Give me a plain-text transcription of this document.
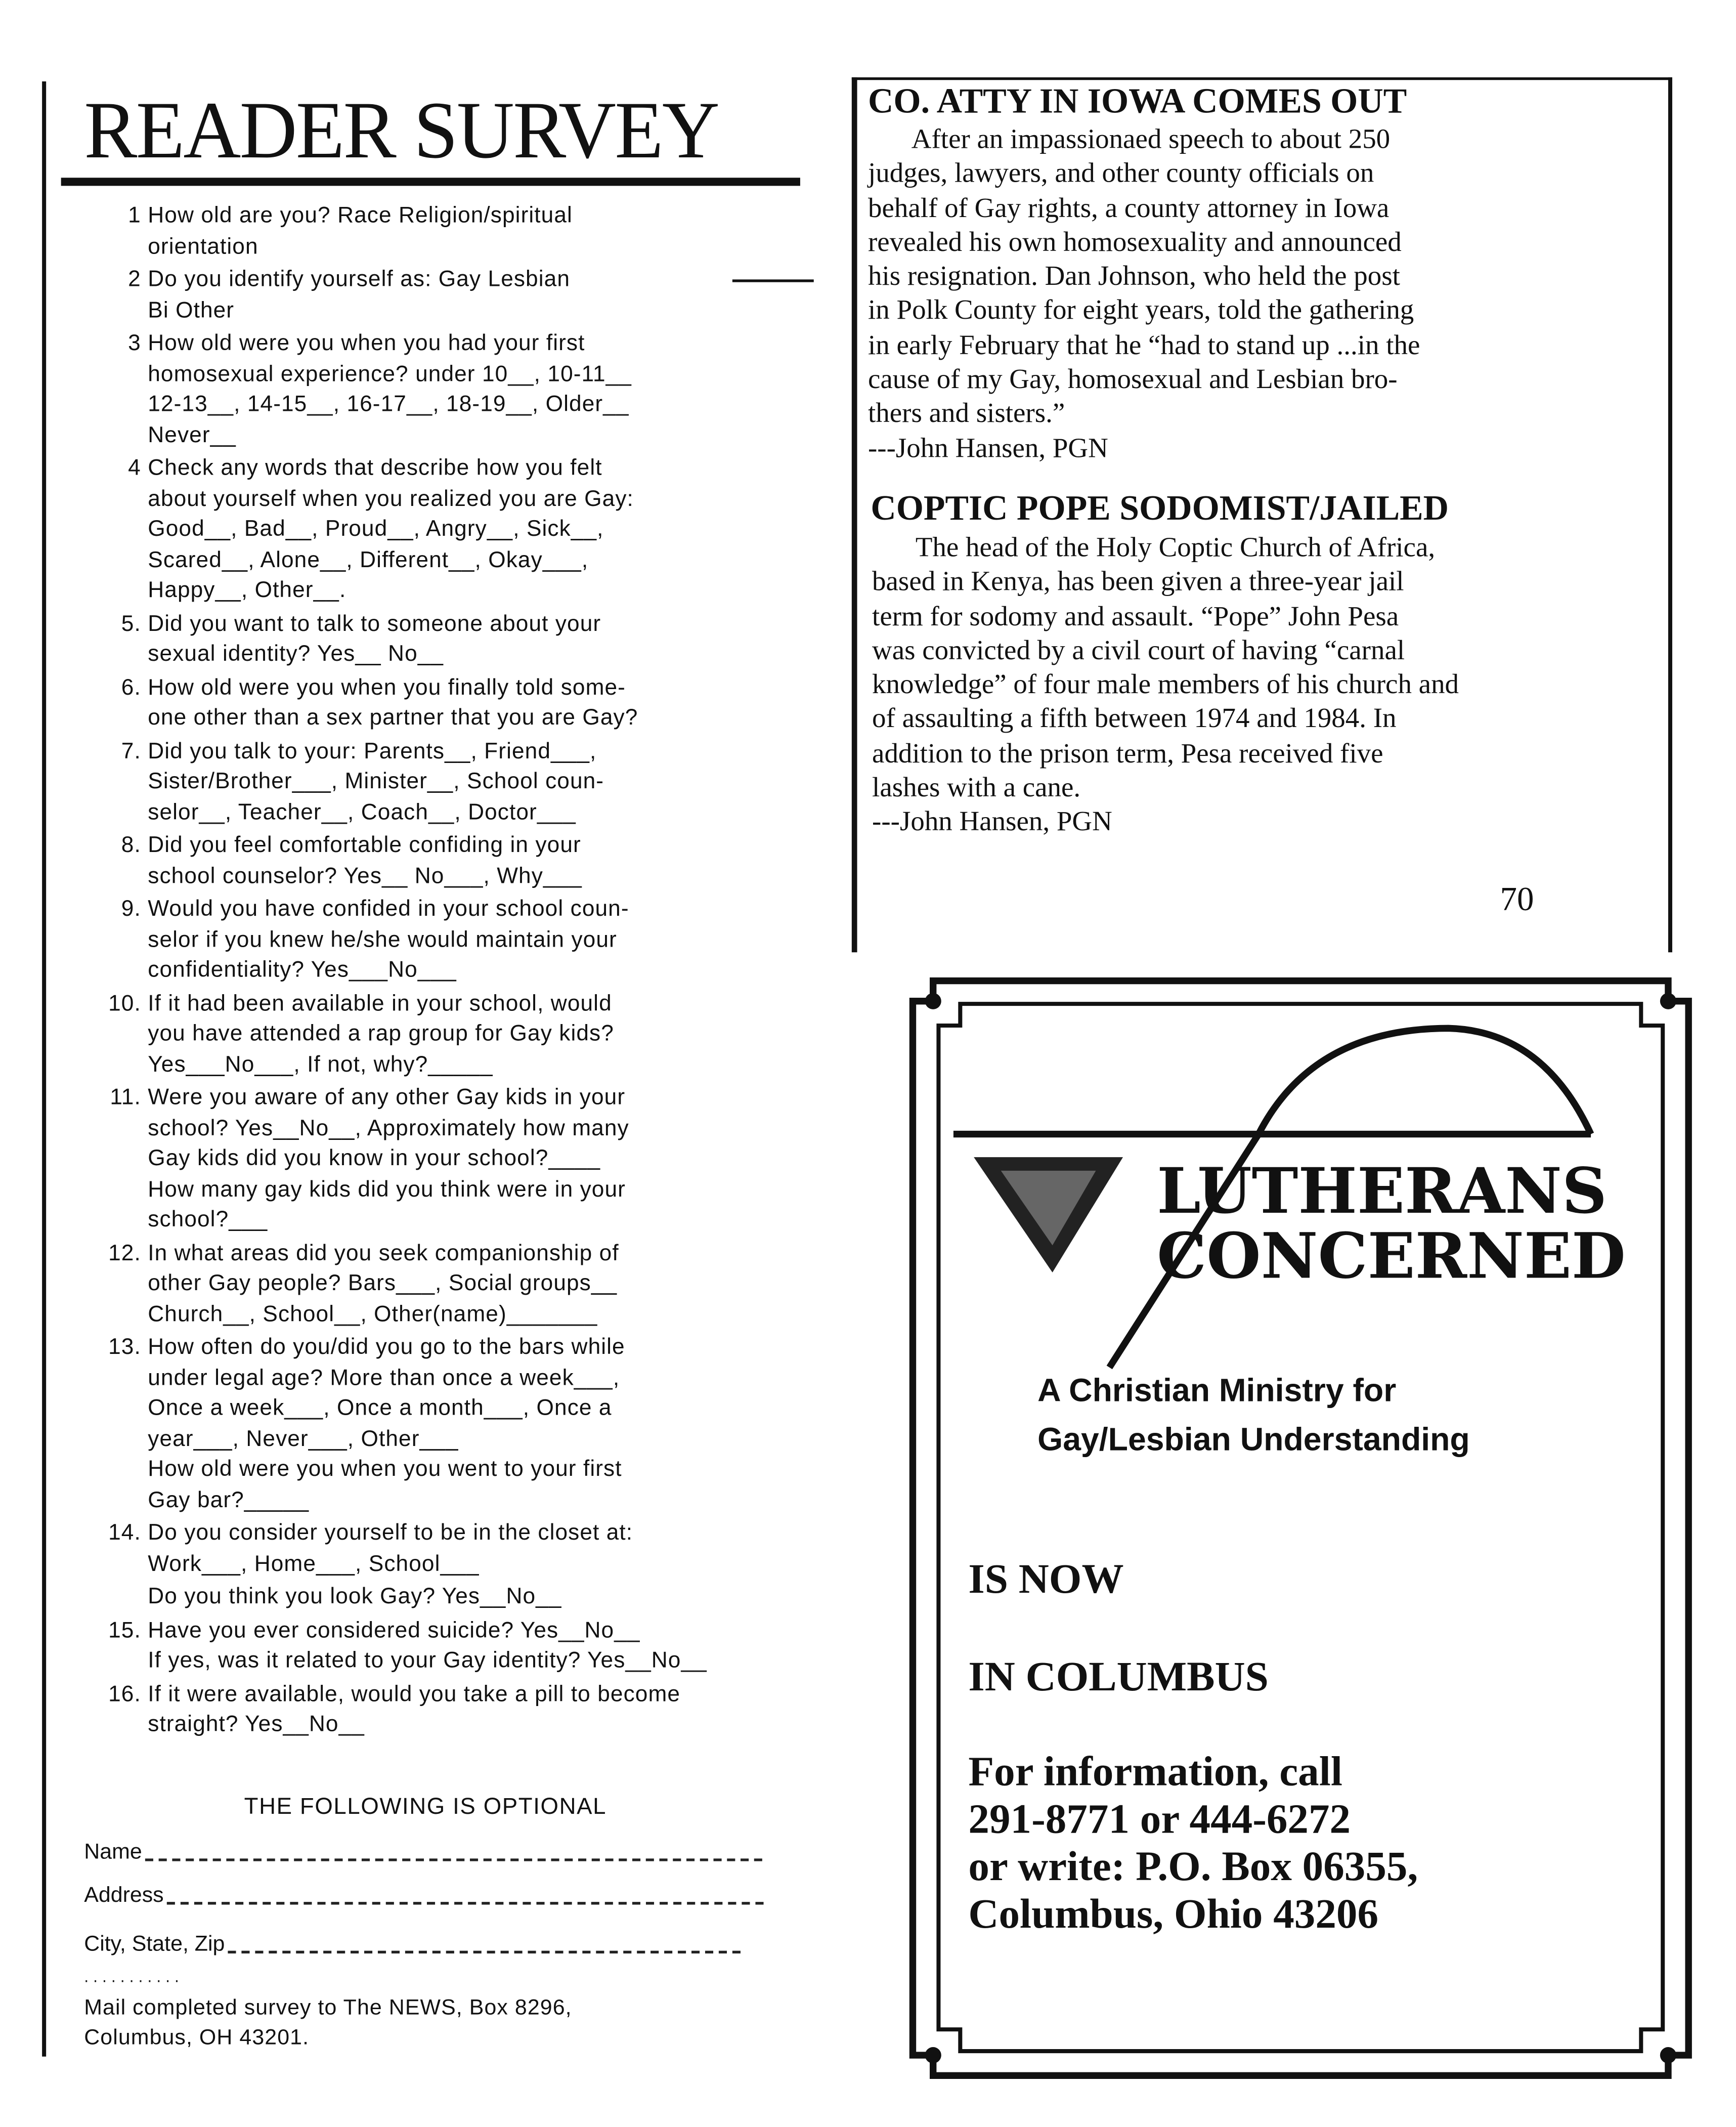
READER SURVEY
1 How old are you? Race Religion/spiritual
orientation
2 Do you identify yourself as: Gay Lesbian
Bi Other
3 How old were you when you had your first
homosexual experience? under 10__, 10-11__
12-13__, 14-15__, 16-17__, 18-19__, Older__
Never__
4 Check any words that describe how you felt
about yourself when you realized you are Gay:
Good__, Bad__, Proud__, Angry__, Sick__,
Scared__, Alone__, Different__, Okay___,
Happy__, Other__.
5. Did you want to talk to someone about your
sexual identity? Yes__ No__
6. How old were you when you finally told some-
one other than a sex partner that you are Gay?
7. Did you talk to your: Parents__, Friend___,
Sister/Brother___, Minister__, School coun-
selor__, Teacher__, Coach__, Doctor___
8. Did you feel comfortable confiding in your
school counselor? Yes__ No___, Why___
9. Would you have confided in your school coun-
selor if you knew he/she would maintain your
confidentiality? Yes___No___
10. If it had been available in your school, would
you have attended a rap group for Gay kids?
Yes___No___, If not, why?_____
11. Were you aware of any other Gay kids in your
school? Yes__No__, Approximately how many
Gay kids did you know in your school?____
How many gay kids did you think were in your
school?___
12. In what areas did you seek companionship of
other Gay people? Bars___, Social groups__
Church__, School__, Other(name)_______
13. How often do you/did you go to the bars while
under legal age? More than once a week___,
Once a week___, Once a month___, Once a
year___, Never___, Other___
How old were you when you went to your first
Gay bar?_____
14. Do you consider yourself to be in the closet at:
Work___, Home___, School___
Do you think you look Gay? Yes__No__
15. Have you ever considered suicide? Yes__No__
If yes, was it related to your Gay identity? Yes__No__
16. If it were available, would you take a pill to become
straight? Yes__No__
THE FOLLOWING IS OPTIONAL
Name
Address
City, State, Zip
. . . . . . . . . . .
Mail completed survey to The NEWS, Box 8296,
Columbus, OH 43201.
CO. ATTY IN IOWA COMES OUT
After an impassionaed speech to about 250
judges, lawyers, and other county officials on
behalf of Gay rights, a county attorney in Iowa
revealed his own homosexuality and announced
his resignation. Dan Johnson, who held the post
in Polk County for eight years, told the gathering
in early February that he “had to stand up ...in the
cause of my Gay, homosexual and Lesbian bro-
thers and sisters.”
---John Hansen, PGN
COPTIC POPE SODOMIST/JAILED
The head of the Holy Coptic Church of Africa,
based in Kenya, has been given a three-year jail
term for sodomy and assault. “Pope” John Pesa
was convicted by a civil court of having “carnal
knowledge” of four male members of his church and
of assaulting a fifth between 1974 and 1984. In
addition to the prison term, Pesa received five
lashes with a cane.
---John Hansen, PGN
70
LUTHERANS
CONCERNED
A Christian Ministry for
Gay/Lesbian Understanding
IS NOW
IN COLUMBUS
For information, call
291-8771 or 444-6272
or write: P.O. Box 06355,
Columbus, Ohio 43206
